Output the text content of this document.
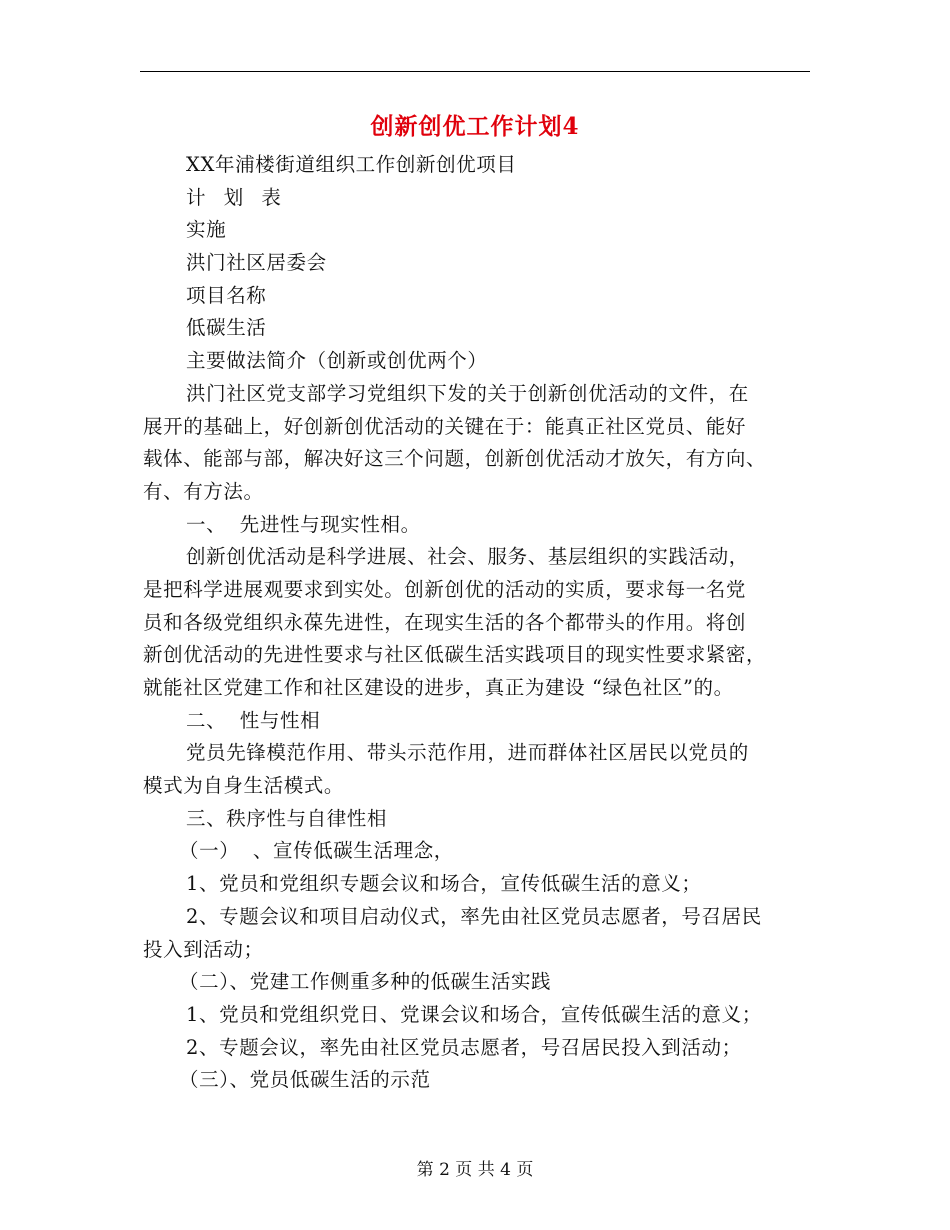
创新创优工作计划4
XX年浦楼街道组织工作创新创优项目
计 划 表
实施
洪门社区居委会
项目名称
低碳生活
主要做法简介（创新或创优两个）
洪门社区党支部学习党组织下发的关于创新创优活动的文件，在
展开的基础上，好创新创优活动的关键在于：能真正社区党员、能好
载体、能部与部，解决好这三个问题，创新创优活动才放矢，有方向、
有、有方法。
一、  先进性与现实性相。
创新创优活动是科学进展、社会、服务、基层组织的实践活动，
是把科学进展观要求到实处。创新创优的活动的实质，要求每一名党
员和各级党组织永葆先进性，在现实生活的各个都带头的作用。将创
新创优活动的先进性要求与社区低碳生活实践项目的现实性要求紧密，
就能社区党建工作和社区建设的进步，真正为建设 “绿色社区”的。
二、  性与性相
党员先锋模范作用、带头示范作用，进而群体社区居民以党员的
模式为自身生活模式。
三、秩序性与自律性相
（一）  、宣传低碳生活理念，
1、党员和党组织专题会议和场合，宣传低碳生活的意义；
2、专题会议和项目启动仪式，率先由社区党员志愿者，号召居民
投入到活动；
（二）、党建工作侧重多种的低碳生活实践
1、党员和党组织党日、党课会议和场合，宣传低碳生活的意义；
2、专题会议，率先由社区党员志愿者，号召居民投入到活动；
（三）、党员低碳生活的示范
第 2 页 共 4 页
